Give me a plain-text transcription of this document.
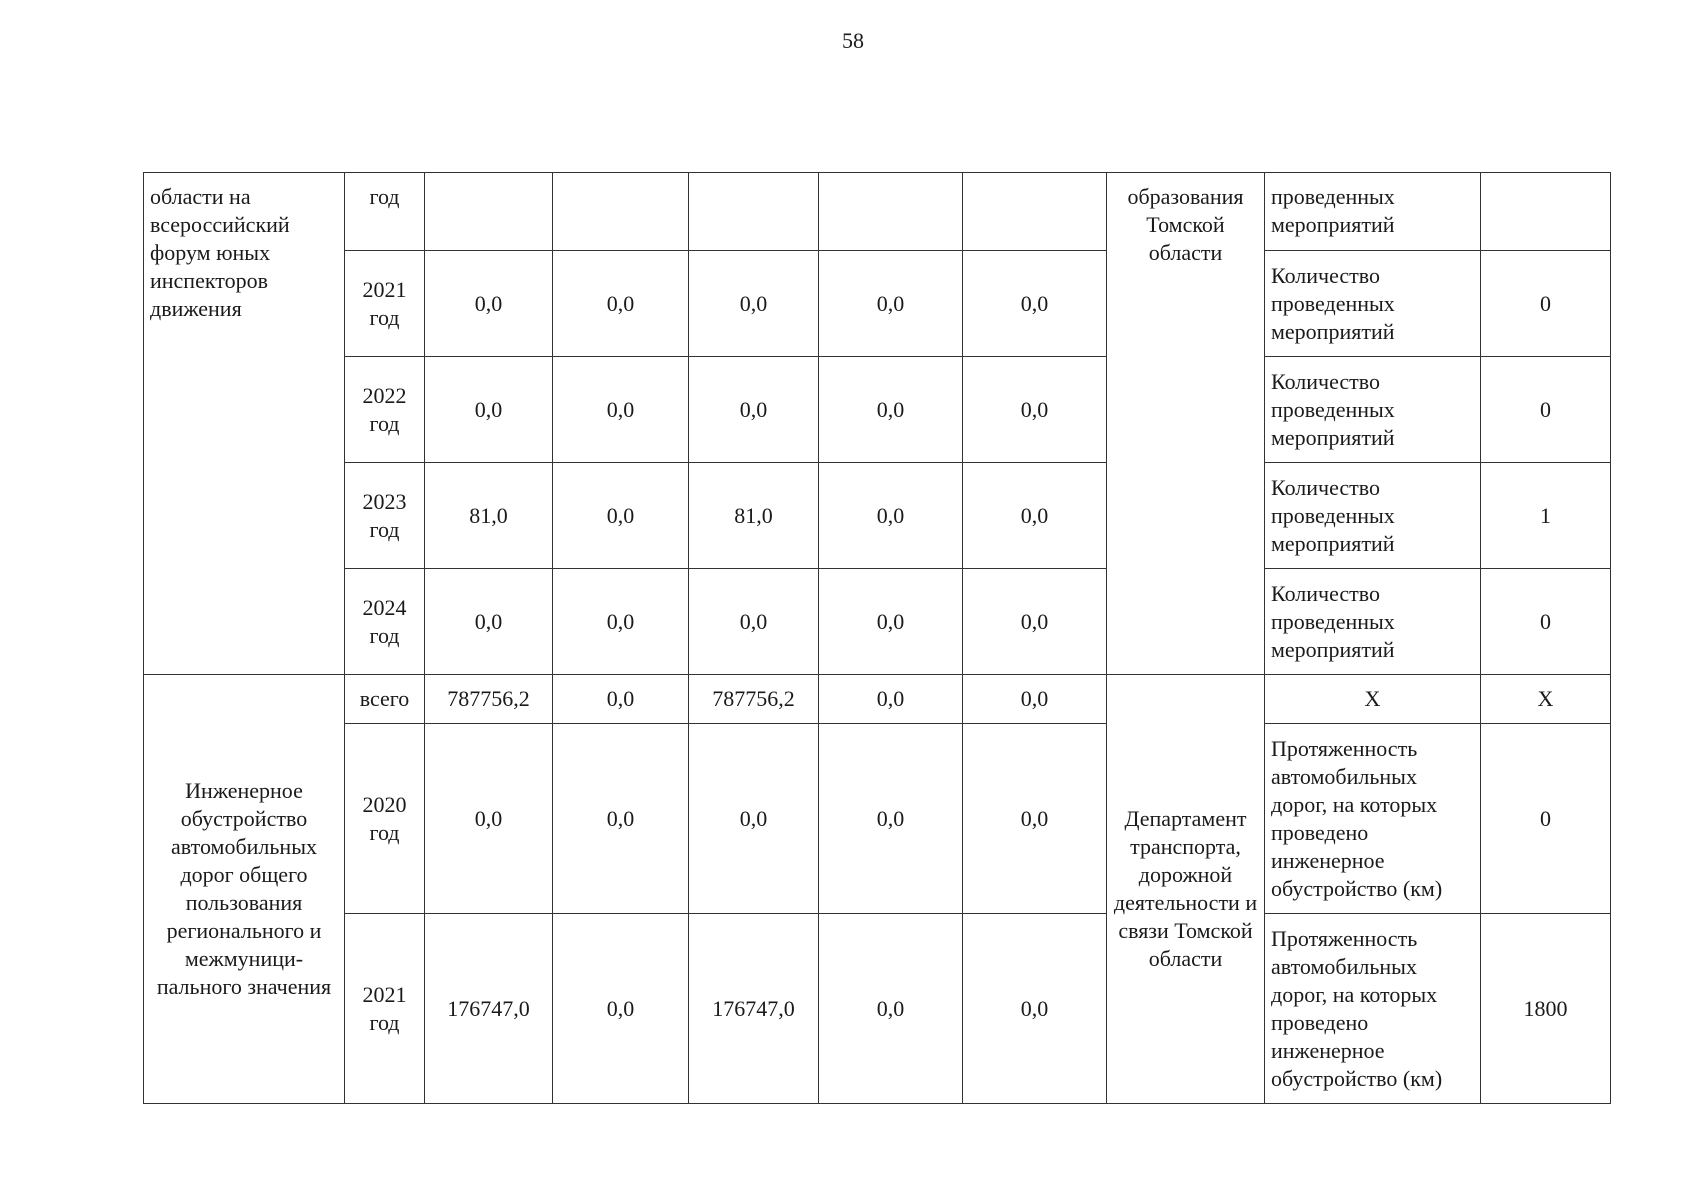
58
области на всероссийский форум юных инспекторов движения	год						образования Томской области	проведенных мероприятий	
	2021 год	0,0	0,0	0,0	0,0	0,0		Количество проведенных мероприятий	0
	2022 год	0,0	0,0	0,0	0,0	0,0		Количество проведенных мероприятий	0
	2023 год	81,0	0,0	81,0	0,0	0,0		Количество проведенных мероприятий	1
	2024 год	0,0	0,0	0,0	0,0	0,0		Количество проведенных мероприятий	0
Инженерное обустройство автомобильных дорог общего пользования регионального и межмуници-пального значения	всего	787756,2	0,0	787756,2	0,0	0,0	Департамент транспорта, дорожной деятельности и связи Томской области	X	X
	2020 год	0,0	0,0	0,0	0,0	0,0		Протяженность автомобильных дорог, на которых проведено инженерное обустройство (км)	0
	2021 год	176747,0	0,0	176747,0	0,0	0,0		Протяженность автомобильных дорог, на которых проведено инженерное обустройство (км)	1800
